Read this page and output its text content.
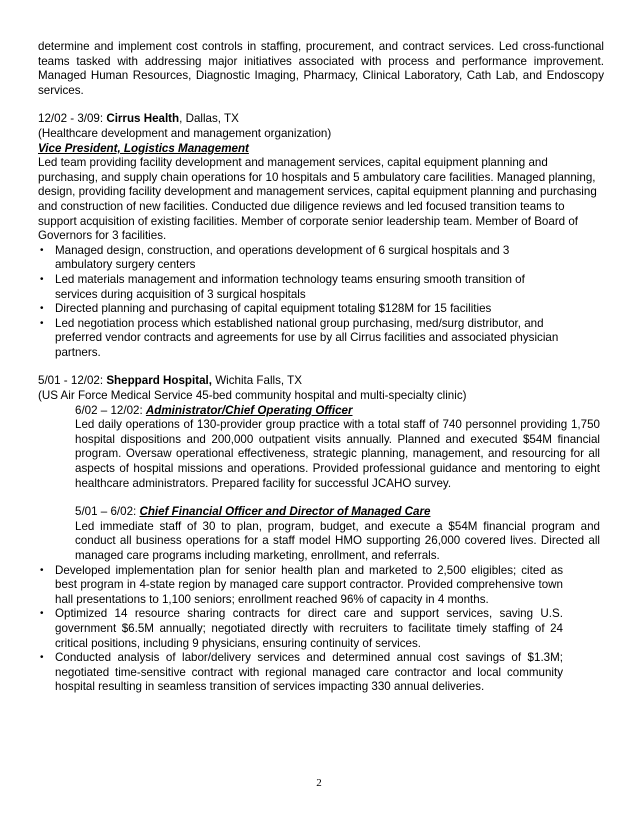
determine and implement cost controls in staffing, procurement, and contract services. Led cross-functional teams tasked with addressing major initiatives associated with process and performance improvement. Managed Human Resources, Diagnostic Imaging, Pharmacy, Clinical Laboratory, Cath Lab, and Endoscopy services.

12/02 - 3/09: Cirrus Health, Dallas, TX

(Healthcare development and management organization)

Vice President, Logistics Management

Led team providing facility development and management services, capital equipment planning and purchasing, and supply chain operations for 10 hospitals and 5 ambulatory care facilities. Managed planning, design, providing facility development and management services, capital equipment planning and purchasing and construction of new facilities. Conducted due diligence reviews and led focused transition teams to support acquisition of existing facilities. Member of corporate senior leadership team. Member of Board of Governors for 3 facilities.

• Managed design, construction, and operations development of 6 surgical hospitals and 3 ambulatory surgery centers
• Led materials management and information technology teams ensuring smooth transition of services during acquisition of 3 surgical hospitals
• Directed planning and purchasing of capital equipment totaling $128M for 15 facilities
• Led negotiation process which established national group purchasing, med/surg distributor, and preferred vendor contracts and agreements for use by all Cirrus facilities and associated physician partners.

5/01 - 12/02: Sheppard Hospital, Wichita Falls, TX

(US Air Force Medical Service 45-bed community hospital and multi-specialty clinic)

6/02 – 12/02: Administrator/Chief Operating Officer

Led daily operations of 130-provider group practice with a total staff of 740 personnel providing 1,750 hospital dispositions and 200,000 outpatient visits annually. Planned and executed $54M financial program. Oversaw operational effectiveness, strategic planning, management, and resourcing for all aspects of hospital missions and operations. Provided professional guidance and mentoring to eight healthcare administrators. Prepared facility for successful JCAHO survey.

5/01 – 6/02: Chief Financial Officer and Director of Managed Care

Led immediate staff of 30 to plan, program, budget, and execute a $54M financial program and conduct all business operations for a staff model HMO supporting 26,000 covered lives. Directed all managed care programs including marketing, enrollment, and referrals.

• Developed implementation plan for senior health plan and marketed to 2,500 eligibles; cited as best program in 4-state region by managed care support contractor. Provided comprehensive town hall presentations to 1,100 seniors; enrollment reached 96% of capacity in 4 months.
• Optimized 14 resource sharing contracts for direct care and support services, saving U.S. government $6.5M annually; negotiated directly with recruiters to facilitate timely staffing of 24 critical positions, including 9 physicians, ensuring continuity of services.
• Conducted analysis of labor/delivery services and determined annual cost savings of $1.3M; negotiated time-sensitive contract with regional managed care contractor and local community hospital resulting in seamless transition of services impacting 330 annual deliveries.
2
